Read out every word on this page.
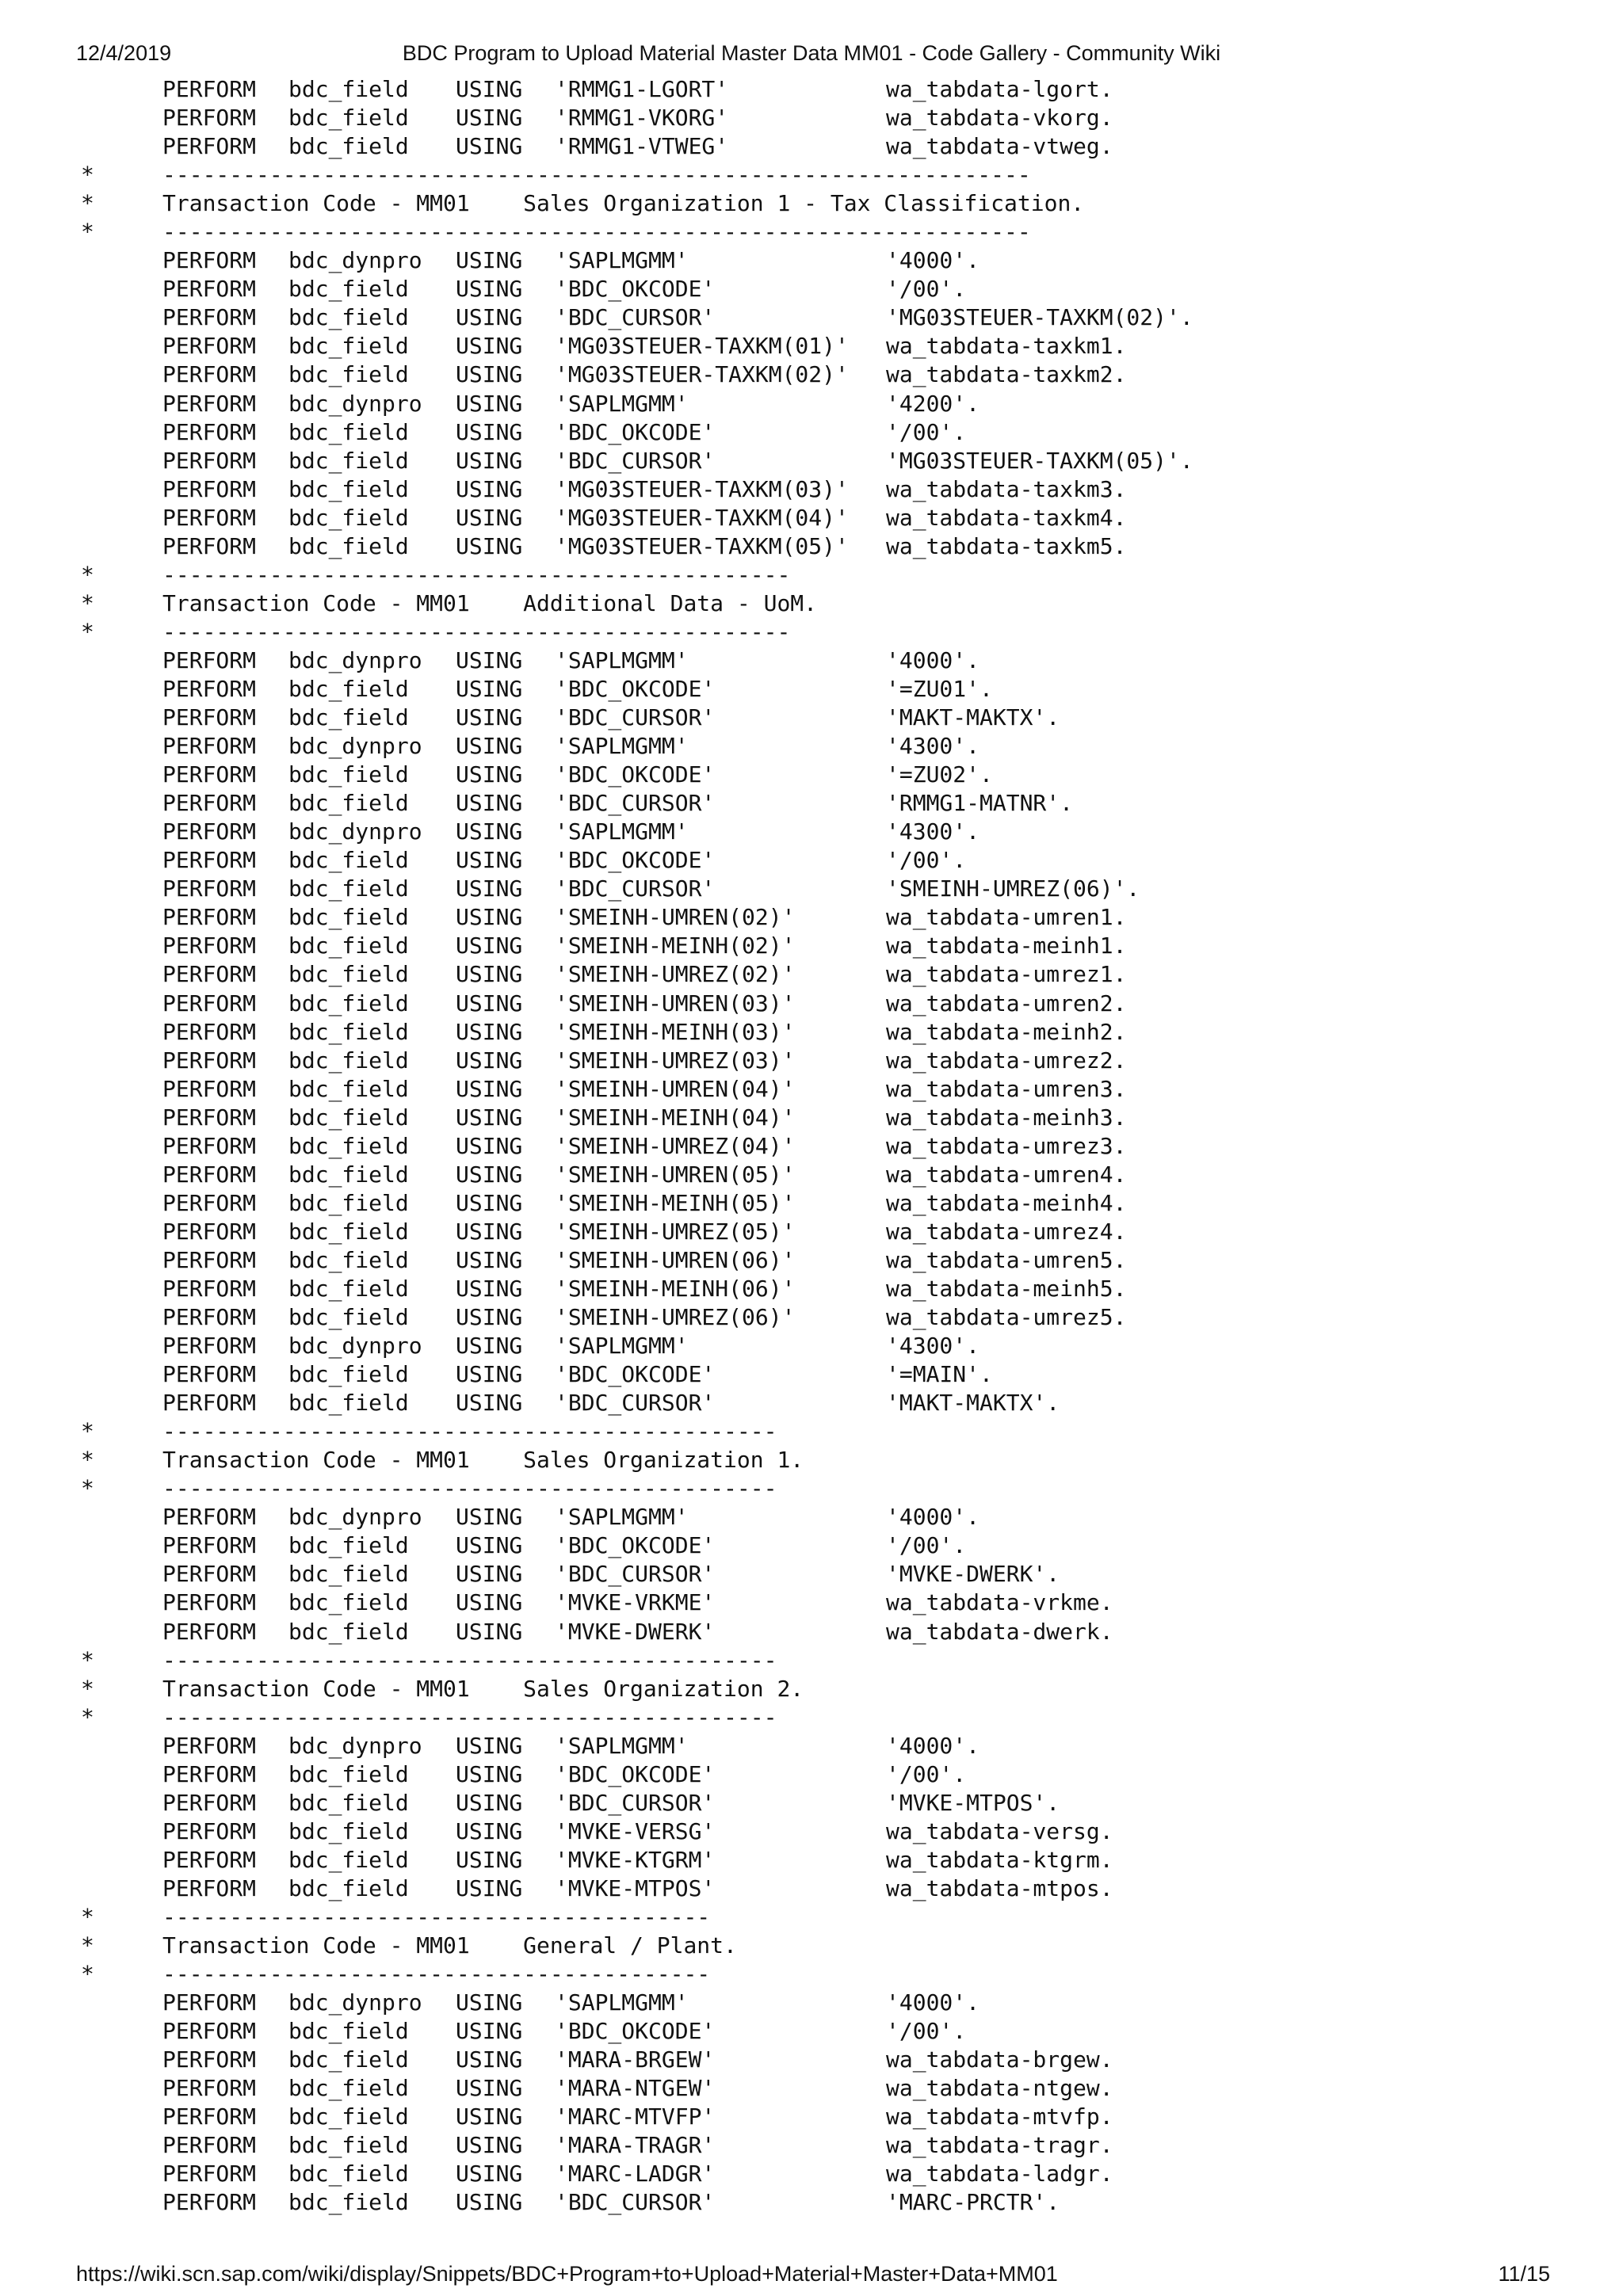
12/4/2019	BDC Program to Upload Material Master Data MM01 - Code Gallery - Community Wiki
PERFORM bdc_field USING 'RMMG1-LGORT'	wa_tabdata-lgort.
PERFORM bdc_field USING 'RMMG1-VKORG'	wa_tabdata-vkorg.
PERFORM bdc_field USING 'RMMG1-VTWEG'	wa_tabdata-vtweg.
*	-----------------------------------------------------------------
*	Transaction Code - MM01    Sales Organization 1 - Tax Classification.
*	-----------------------------------------------------------------
PERFORM bdc_dynpro USING 'SAPLMGMM'	'4000'.
PERFORM bdc_field USING 'BDC_OKCODE'	'/00'.
PERFORM bdc_field USING 'BDC_CURSOR'	'MG03STEUER-TAXKM(02)'.
PERFORM bdc_field USING 'MG03STEUER-TAXKM(01)' wa_tabdata-taxkm1.
PERFORM bdc_field USING 'MG03STEUER-TAXKM(02)' wa_tabdata-taxkm2.
PERFORM bdc_dynpro USING 'SAPLMGMM'	'4200'.
PERFORM bdc_field USING 'BDC_OKCODE'	'/00'.
PERFORM bdc_field USING 'BDC_CURSOR'	'MG03STEUER-TAXKM(05)'.
PERFORM bdc_field USING 'MG03STEUER-TAXKM(03)' wa_tabdata-taxkm3.
PERFORM bdc_field USING 'MG03STEUER-TAXKM(04)' wa_tabdata-taxkm4.
PERFORM bdc_field USING 'MG03STEUER-TAXKM(05)' wa_tabdata-taxkm5.
*	-----------------------------------------------
*	Transaction Code - MM01    Additional Data - UoM.
*	-----------------------------------------------
PERFORM bdc_dynpro USING 'SAPLMGMM'	'4000'.
PERFORM bdc_field USING 'BDC_OKCODE'	'=ZU01'.
PERFORM bdc_field USING 'BDC_CURSOR'	'MAKT-MAKTX'.
PERFORM bdc_dynpro USING 'SAPLMGMM'	'4300'.
PERFORM bdc_field USING 'BDC_OKCODE'	'=ZU02'.
PERFORM bdc_field USING 'BDC_CURSOR'	'RMMG1-MATNR'.
PERFORM bdc_dynpro USING 'SAPLMGMM'	'4300'.
PERFORM bdc_field USING 'BDC_OKCODE'	'/00'.
PERFORM bdc_field USING 'BDC_CURSOR'	'SMEINH-UMREZ(06)'.
PERFORM bdc_field USING 'SMEINH-UMREN(02)'	wa_tabdata-umren1.
PERFORM bdc_field USING 'SMEINH-MEINH(02)'	wa_tabdata-meinh1.
PERFORM bdc_field USING 'SMEINH-UMREZ(02)'	wa_tabdata-umrez1.
PERFORM bdc_field USING 'SMEINH-UMREN(03)'	wa_tabdata-umren2.
PERFORM bdc_field USING 'SMEINH-MEINH(03)'	wa_tabdata-meinh2.
PERFORM bdc_field USING 'SMEINH-UMREZ(03)'	wa_tabdata-umrez2.
PERFORM bdc_field USING 'SMEINH-UMREN(04)'	wa_tabdata-umren3.
PERFORM bdc_field USING 'SMEINH-MEINH(04)'	wa_tabdata-meinh3.
PERFORM bdc_field USING 'SMEINH-UMREZ(04)'	wa_tabdata-umrez3.
PERFORM bdc_field USING 'SMEINH-UMREN(05)'	wa_tabdata-umren4.
PERFORM bdc_field USING 'SMEINH-MEINH(05)'	wa_tabdata-meinh4.
PERFORM bdc_field USING 'SMEINH-UMREZ(05)'	wa_tabdata-umrez4.
PERFORM bdc_field USING 'SMEINH-UMREN(06)'	wa_tabdata-umren5.
PERFORM bdc_field USING 'SMEINH-MEINH(06)'	wa_tabdata-meinh5.
PERFORM bdc_field USING 'SMEINH-UMREZ(06)'	wa_tabdata-umrez5.
PERFORM bdc_dynpro USING 'SAPLMGMM'	'4300'.
PERFORM bdc_field USING 'BDC_OKCODE'	'=MAIN'.
PERFORM bdc_field USING 'BDC_CURSOR'	'MAKT-MAKTX'.
*	----------------------------------------------
*	Transaction Code - MM01    Sales Organization 1.
*	----------------------------------------------
PERFORM bdc_dynpro USING 'SAPLMGMM'	'4000'.
PERFORM bdc_field USING 'BDC_OKCODE'	'/00'.
PERFORM bdc_field USING 'BDC_CURSOR'	'MVKE-DWERK'.
PERFORM bdc_field USING 'MVKE-VRKME'	wa_tabdata-vrkme.
PERFORM bdc_field USING 'MVKE-DWERK'	wa_tabdata-dwerk.
*	----------------------------------------------
*	Transaction Code - MM01    Sales Organization 2.
*	----------------------------------------------
PERFORM bdc_dynpro USING 'SAPLMGMM'	'4000'.
PERFORM bdc_field USING 'BDC_OKCODE'	'/00'.
PERFORM bdc_field USING 'BDC_CURSOR'	'MVKE-MTPOS'.
PERFORM bdc_field USING 'MVKE-VERSG'	wa_tabdata-versg.
PERFORM bdc_field USING 'MVKE-KTGRM'	wa_tabdata-ktgrm.
PERFORM bdc_field USING 'MVKE-MTPOS'	wa_tabdata-mtpos.
*	-----------------------------------------
*	Transaction Code - MM01    General / Plant.
*	-----------------------------------------
PERFORM bdc_dynpro USING 'SAPLMGMM'	'4000'.
PERFORM bdc_field USING 'BDC_OKCODE'	'/00'.
PERFORM bdc_field USING 'MARA-BRGEW'	wa_tabdata-brgew.
PERFORM bdc_field USING 'MARA-NTGEW'	wa_tabdata-ntgew.
PERFORM bdc_field USING 'MARC-MTVFP'	wa_tabdata-mtvfp.
PERFORM bdc_field USING 'MARA-TRAGR'	wa_tabdata-tragr.
PERFORM bdc_field USING 'MARC-LADGR'	wa_tabdata-ladgr.
PERFORM bdc_field USING 'BDC_CURSOR'	'MARC-PRCTR'.
https://wiki.scn.sap.com/wiki/display/Snippets/BDC+Program+to+Upload+Material+Master+Data+MM01	11/15
